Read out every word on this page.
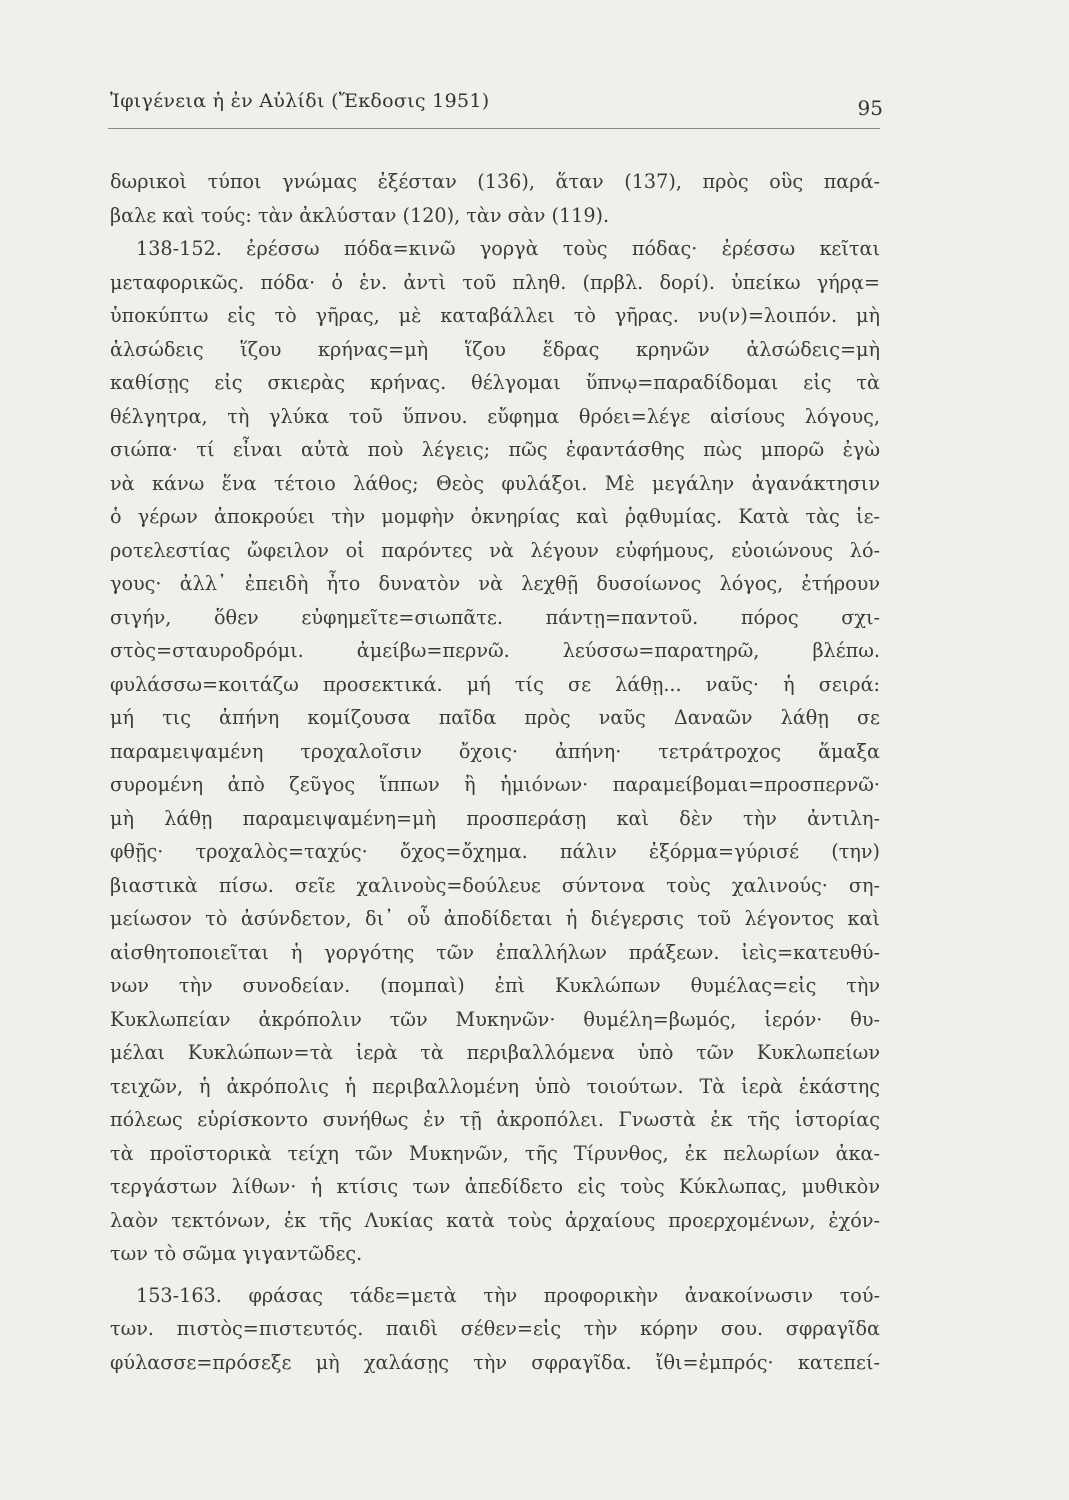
Ἰφιγένεια ἡ ἐν Αὐλίδι (Ἔκδοσις 1951)	95
δωρικοὶ τύποι γνώμας ἐξέσταν (136), ἅταν (137), πρὸς οὓς παρά-
βαλε καὶ τούς: τὰν ἀκλύσταν (120), τὰν σὰν (119).
138-152. ἐρέσσω πόδα=κινῶ γοργὰ τοὺς πόδας· ἐρέσσω κεῖται
μεταφορικῶς. πόδα· ὁ ἑν. ἀντὶ τοῦ πληθ. (πρβλ. δορί). ὑπείκω γήρᾳ=
ὑποκύπτω εἰς τὸ γῆρας, μὲ καταβάλλει τὸ γῆρας. νυ(ν)=λοιπόν. μὴ
ἀλσώδεις ἵζου κρήνας=μὴ ἵζου ἕδρας κρηνῶν ἀλσώδεις=μὴ
καθίσῃς εἰς σκιερὰς κρήνας. θέλγομαι ὕπνῳ=παραδίδομαι εἰς τὰ
θέλγητρα, τὴ γλύκα τοῦ ὕπνου. εὔφημα θρόει=λέγε αἰσίους λόγους,
σιώπα· τί εἶναι αὐτὰ ποὺ λέγεις; πῶς ἐφαντάσθης πὼς μπορῶ ἐγὼ
νὰ κάνω ἕνα τέτοιο λάθος; Θεὸς φυλάξοι. Μὲ μεγάλην ἀγανάκτησιν
ὁ γέρων ἀποκρούει τὴν μομφὴν ὀκνηρίας καὶ ῥᾳθυμίας. Κατὰ τὰς ἱε-
ροτελεστίας ὤφειλον οἱ παρόντες νὰ λέγουν εὐφήμους, εὐοιώνους λό-
γους· ἀλλ᾽ ἐπειδὴ ἦτο δυνατὸν νὰ λεχθῇ δυσοίωνος λόγος, ἐτήρουν
σιγήν, ὅθεν εὐφημεῖτε=σιωπᾶτε. πάντῃ=παντοῦ. πόρος σχι-
στὸς=σταυροδρόμι. ἀμείβω=περνῶ. λεύσσω=παρατηρῶ, βλέπω.
φυλάσσω=κοιτάζω προσεκτικά. μή τίς σε λάθῃ... ναῦς· ἡ σειρά:
μή τις ἀπήνη κομίζουσα παῖδα πρὸς ναῦς Δαναῶν λάθῃ σε
παραμειψαμένη τροχαλοῖσιν ὄχοις· ἀπήνη· τετράτροχος ἅμαξα
συρομένη ἀπὸ ζεῦγος ἵππων ἢ ἡμιόνων· παραμείβομαι=προσπερνῶ·
μὴ λάθῃ παραμειψαμένη=μὴ προσπεράσῃ καὶ δὲν τὴν ἀντιλη-
φθῇς· τροχαλὸς=ταχύς· ὄχος=ὄχημα. πάλιν ἐξόρμα=γύρισέ (την)
βιαστικὰ πίσω. σεῖε χαλινοὺς=δούλευε σύντονα τοὺς χαλινούς· ση-
μείωσον τὸ ἀσύνδετον, δι᾽ οὗ ἀποδίδεται ἡ διέγερσις τοῦ λέγοντος καὶ
αἰσθητοποιεῖται ἡ γοργότης τῶν ἐπαλλήλων πράξεων. ἰεὶς=κατευθύ-
νων τὴν συνοδείαν. (πομπαὶ) ἐπὶ Κυκλώπων θυμέλας=εἰς τὴν
Κυκλωπείαν ἀκρόπολιν τῶν Μυκηνῶν· θυμέλη=βωμός, ἱερόν· θυ-
μέλαι Κυκλώπων=τὰ ἱερὰ τὰ περιβαλλόμενα ὑπὸ τῶν Κυκλωπείων
τειχῶν, ἡ ἀκρόπολις ἡ περιβαλλομένη ὑπὸ τοιούτων. Τὰ ἱερὰ ἑκάστης
πόλεως εὑρίσκοντο συνήθως ἐν τῇ ἀκροπόλει. Γνωστὰ ἐκ τῆς ἱστορίας
τὰ προϊστορικὰ τείχη τῶν Μυκηνῶν, τῆς Τίρυνθος, ἐκ πελωρίων ἀκα-
τεργάστων λίθων· ἡ κτίσις των ἀπεδίδετο εἰς τοὺς Κύκλωπας, μυθικὸν
λαὸν τεκτόνων, ἐκ τῆς Λυκίας κατὰ τοὺς ἀρχαίους προερχομένων, ἐχόν-
των τὸ σῶμα γιγαντῶδες.
153-163. φράσας τάδε=μετὰ τὴν προφορικὴν ἀνακοίνωσιν τού-
των. πιστὸς=πιστευτός. παιδὶ σέθεν=εἰς τὴν κόρην σου. σφραγῖδα
φύλασσε=πρόσεξε μὴ χαλάσῃς τὴν σφραγῖδα. ἴθι=ἐμπρός· κατεπεί-
